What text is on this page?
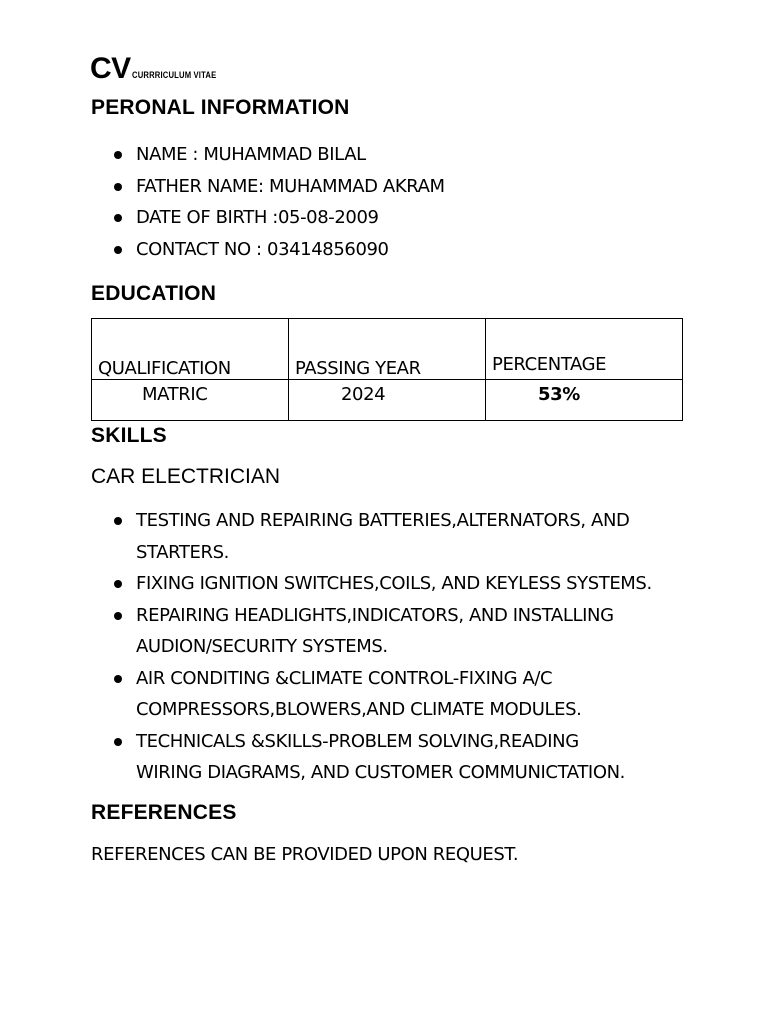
CV CURRRICULUM VITAE
PERONAL INFORMATION
NAME : MUHAMMAD BILAL
FATHER NAME: MUHAMMAD AKRAM
DATE OF BIRTH :05-08-2009
CONTACT NO : 03414856090
EDUCATION
QUALIFICATION	PASSING YEAR	PERCENTAGE
MATRIC	2024	53%
SKILLS
CAR ELECTRICIAN
TESTING AND REPAIRING BATTERIES,ALTERNATORS, AND
STARTERS.
FIXING IGNITION SWITCHES,COILS, AND KEYLESS SYSTEMS.
REPAIRING HEADLIGHTS,INDICATORS, AND INSTALLING
AUDION/SECURITY SYSTEMS.
AIR CONDITING &CLIMATE CONTROL-FIXING A/C
COMPRESSORS,BLOWERS,AND CLIMATE MODULES.
TECHNICALS &SKILLS-PROBLEM SOLVING,READING
WIRING DIAGRAMS, AND CUSTOMER COMMUNICTATION.
REFERENCES
REFERENCES CAN BE PROVIDED UPON REQUEST.
